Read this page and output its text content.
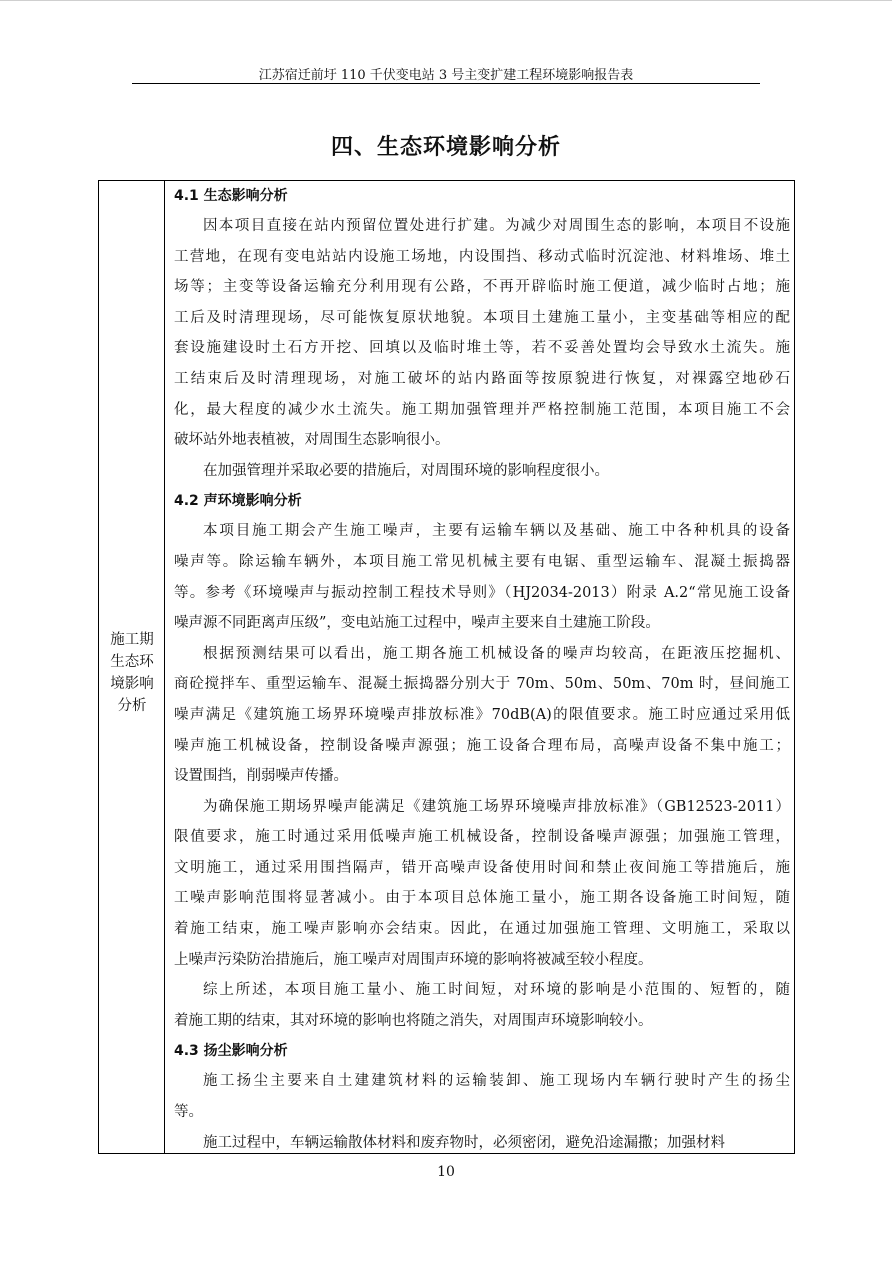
江苏宿迁前圩 110 千伏变电站 3 号主变扩建工程环境影响报告表
四、生态环境影响分析
施工期
生态环
境影响
分析
4.1 生态影响分析

因本项目直接在站内预留位置处进行扩建。为减少对周围生态的影响，本项目不设施

工营地，在现有变电站站内设施工场地，内设围挡、移动式临时沉淀池、材料堆场、堆土

场等；主变等设备运输充分利用现有公路，不再开辟临时施工便道，减少临时占地；施

工后及时清理现场，尽可能恢复原状地貌。本项目土建施工量小，主变基础等相应的配

套设施建设时土石方开挖、回填以及临时堆土等，若不妥善处置均会导致水土流失。施

工结束后及时清理现场，对施工破坏的站内路面等按原貌进行恢复，对裸露空地砂石

化，最大程度的减少水土流失。施工期加强管理并严格控制施工范围，本项目施工不会

破坏站外地表植被，对周围生态影响很小。

在加强管理并采取必要的措施后，对周围环境的影响程度很小。

4.2 声环境影响分析

本项目施工期会产生施工噪声，主要有运输车辆以及基础、施工中各种机具的设备

噪声等。除运输车辆外，本项目施工常见机械主要有电锯、重型运输车、混凝土振捣器

等。参考《环境噪声与振动控制工程技术导则》（HJ2034-2013）附录 A.2“常见施工设备

噪声源不同距离声压级”，变电站施工过程中，噪声主要来自土建施工阶段。

根据预测结果可以看出，施工期各施工机械设备的噪声均较高，在距液压挖掘机、

商砼搅拌车、重型运输车、混凝土振捣器分别大于 70m、50m、50m、70m 时，昼间施工

噪声满足《建筑施工场界环境噪声排放标准》70dB(A)的限值要求。施工时应通过采用低

噪声施工机械设备，控制设备噪声源强；施工设备合理布局，高噪声设备不集中施工；

设置围挡，削弱噪声传播。

为确保施工期场界噪声能满足《建筑施工场界环境噪声排放标准》（GB12523-2011）

限值要求，施工时通过采用低噪声施工机械设备，控制设备噪声源强；加强施工管理，

文明施工，通过采用围挡隔声，错开高噪声设备使用时间和禁止夜间施工等措施后，施

工噪声影响范围将显著减小。由于本项目总体施工量小，施工期各设备施工时间短，随

着施工结束，施工噪声影响亦会结束。因此，在通过加强施工管理、文明施工，采取以

上噪声污染防治措施后，施工噪声对周围声环境的影响将被减至较小程度。

综上所述，本项目施工量小、施工时间短，对环境的影响是小范围的、短暂的，随

着施工期的结束，其对环境的影响也将随之消失，对周围声环境影响较小。

4.3 扬尘影响分析

施工扬尘主要来自土建建筑材料的运输装卸、施工现场内车辆行驶时产生的扬尘

等。

施工过程中，车辆运输散体材料和废弃物时，必须密闭，避免沿途漏撒；加强材料

10
